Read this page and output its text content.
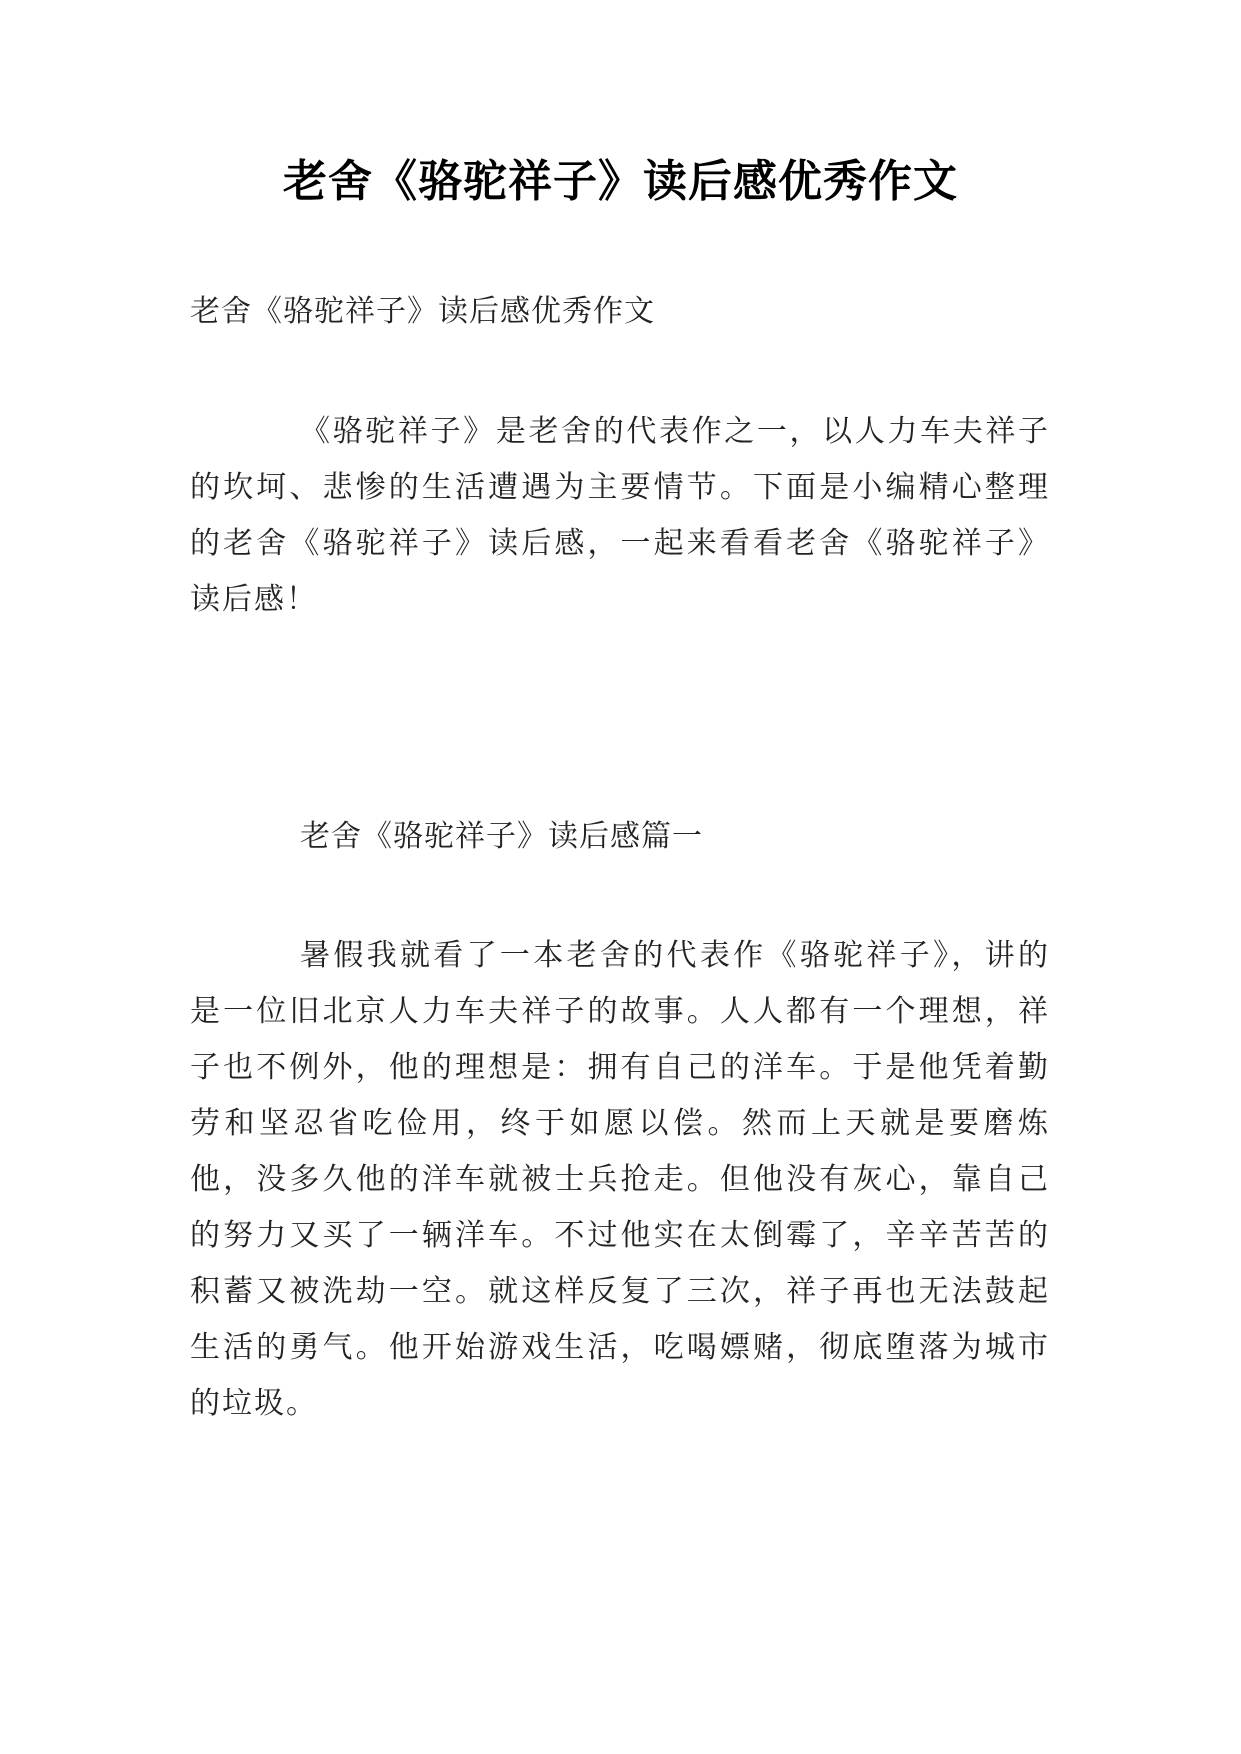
老舍《骆驼祥子》读后感优秀作文
老舍《骆驼祥子》读后感优秀作文

《骆驼祥子》是老舍的代表作之一，以人力车夫祥子的坎坷、悲惨的生活遭遇为主要情节。下面是小编精心整理的老舍《骆驼祥子》读后感，一起来看看老舍《骆驼祥子》读后感！

老舍《骆驼祥子》读后感篇一

暑假我就看了一本老舍的代表作《骆驼祥子》，讲的是一位旧北京人力车夫祥子的故事。人人都有一个理想，祥子也不例外，他的理想是：拥有自己的洋车。于是他凭着勤劳和坚忍省吃俭用，终于如愿以偿。然而上天就是要磨炼他，没多久他的洋车就被士兵抢走。但他没有灰心，靠自己的努力又买了一辆洋车。不过他实在太倒霉了，辛辛苦苦的积蓄又被洗劫一空。就这样反复了三次，祥子再也无法鼓起生活的勇气。他开始游戏生活，吃喝嫖赌，彻底堕落为城市的垃圾。
